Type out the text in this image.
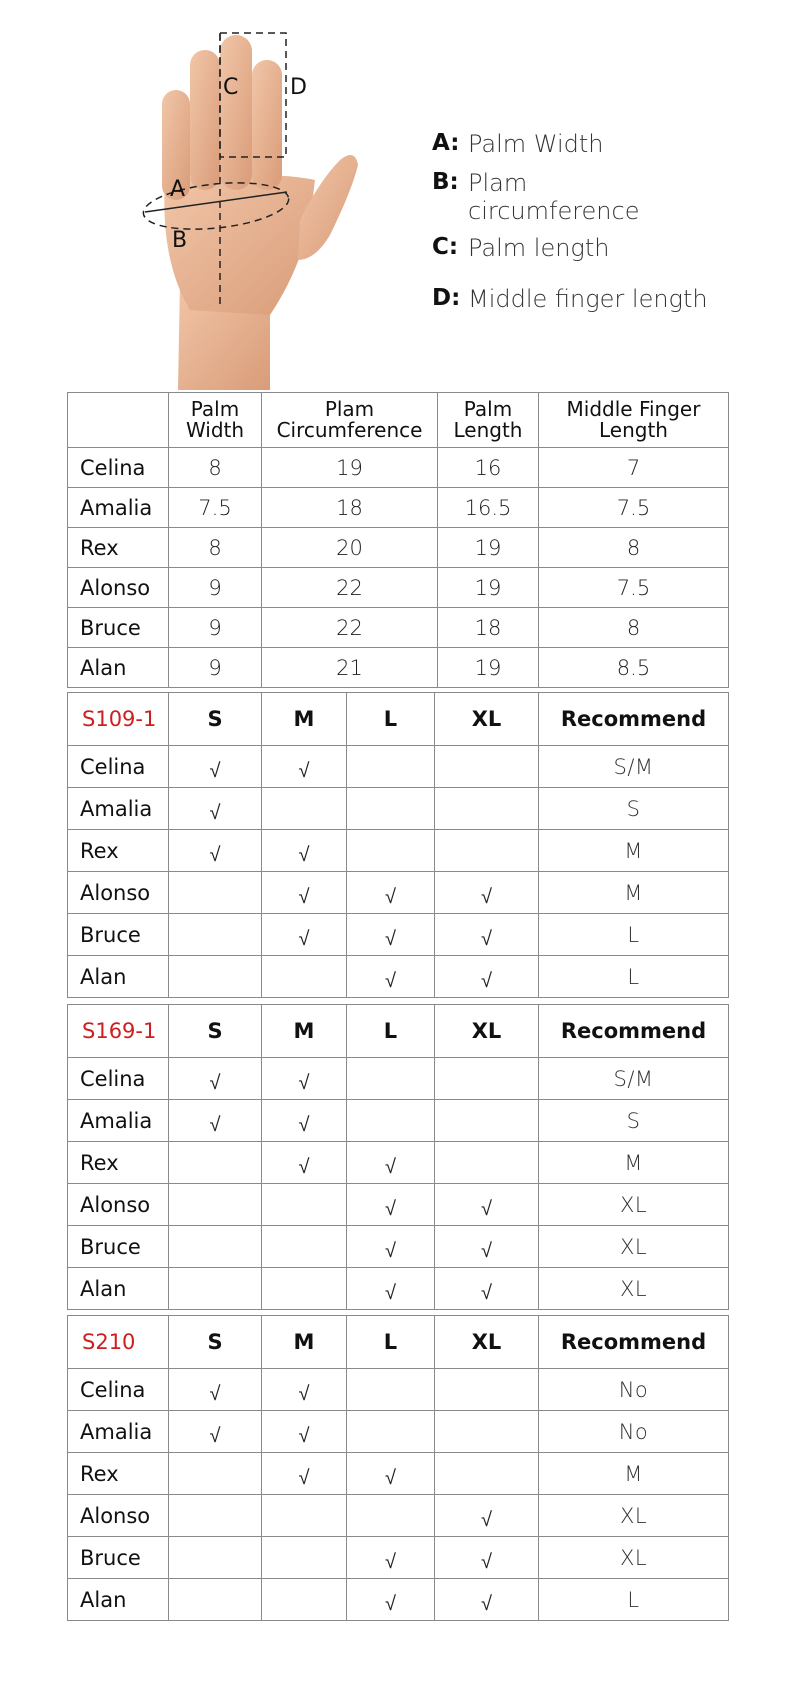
C D
A
B
A: Palm Width
B: Plam circumference
C: Palm length
D: Middle finger length
	Palm Width	Plam Circumference	Palm Length	Middle Finger Length
Celina	8	19	16	7
Amalia	7.5	18	16.5	7.5
Rex	8	20	19	8
Alonso	9	22	19	7.5
Bruce	9	22	18	8
Alan	9	21	19	8.5
S109-1	S	M	L	XL	Recommend
Celina	√	√			S/M
Amalia	√				S
Rex	√	√			M
Alonso		√	√	√	M
Bruce		√	√	√	L
Alan			√	√	L
S169-1	S	M	L	XL	Recommend
Celina	√	√			S/M
Amalia	√	√			S
Rex		√	√		M
Alonso			√	√	XL
Bruce			√	√	XL
Alan			√	√	XL
S210	S	M	L	XL	Recommend
Celina	√	√			No
Amalia	√	√			No
Rex		√	√		M
Alonso				√	XL
Bruce			√	√	XL
Alan			√	√	L
